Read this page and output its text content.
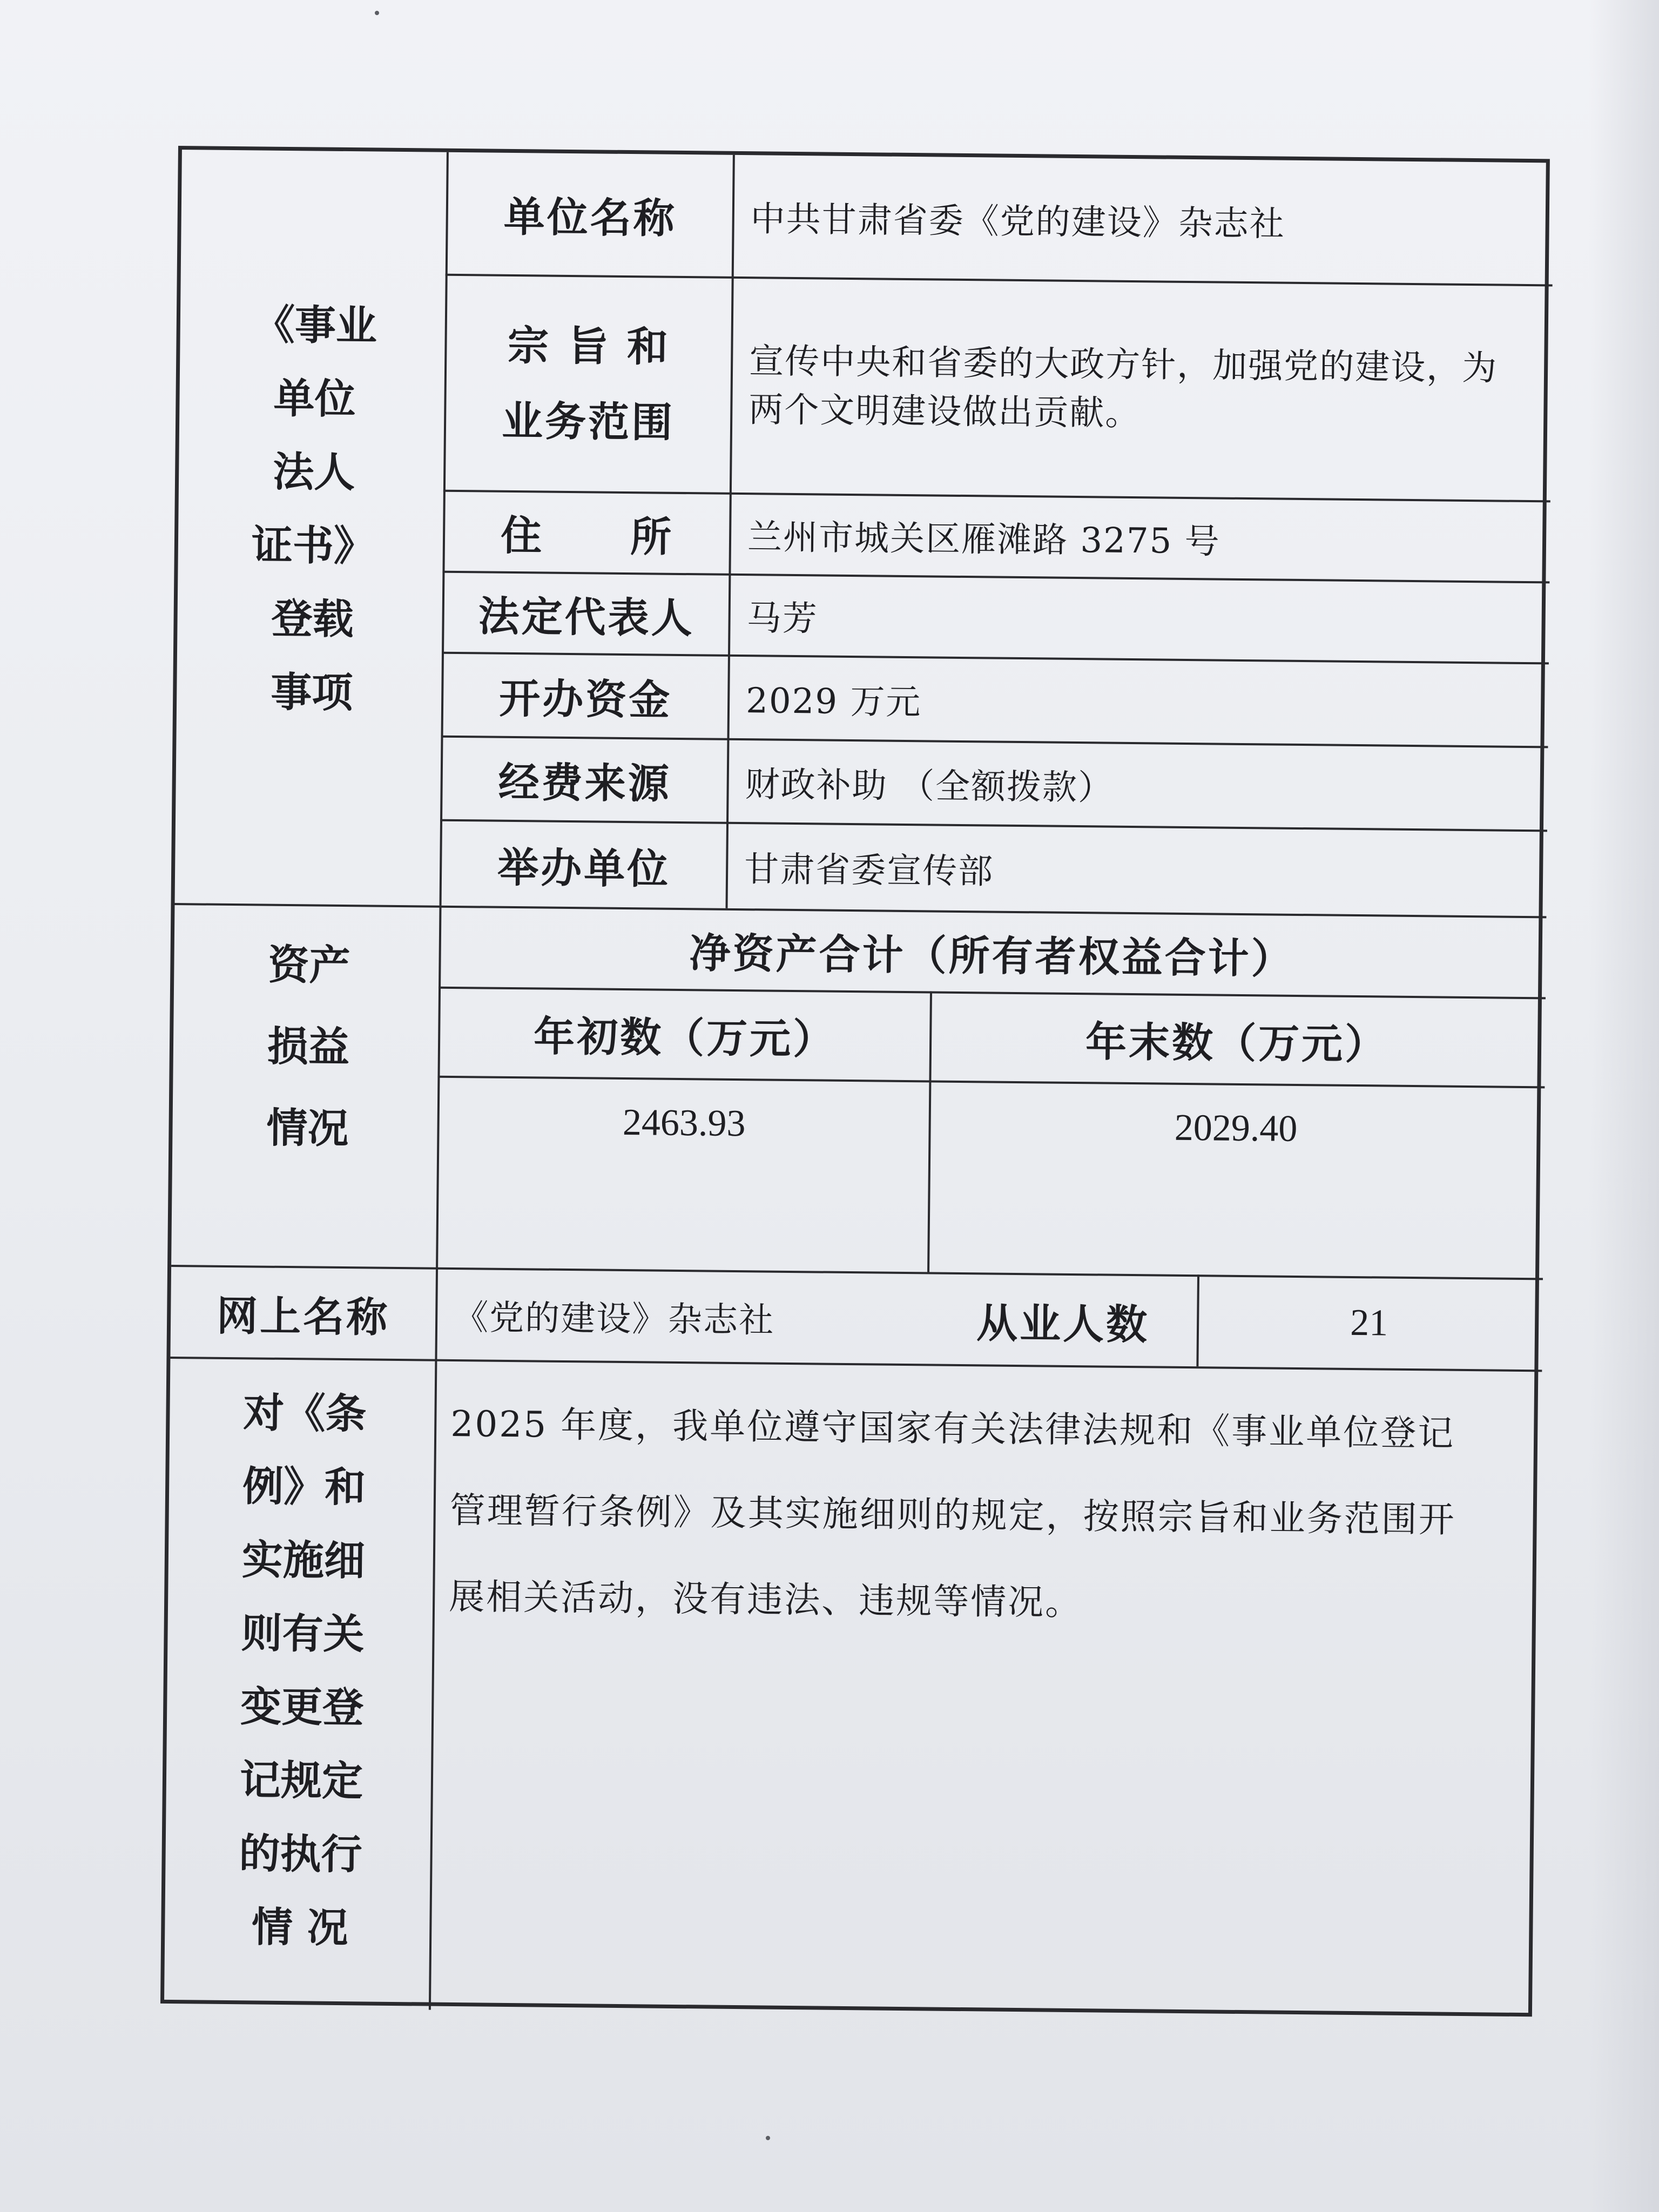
《事业
单位
法人
证书》
登载
事项
单位名称	中共甘肃省委《党的建设》杂志社
宗 旨 和
业务范围
宣传中央和省委的大政方针，加强党的建设，为两个文明建设做出贡献。
住　　所	兰州市城关区雁滩路 3275 号
法定代表人	马芳
开办资金	2029 万元
经费来源	财政补助 （全额拨款）
举办单位	甘肃省委宣传部
资产
损益
情况
净资产合计（所有者权益合计）
年初数（万元）	年末数（万元）
2463.93	2029.40
网上名称	《党的建设》杂志社	从业人数	21
对《条
例》和
实施细
则有关
变更登
记规定
的执行
情 况
2025 年度，我单位遵守国家有关法律法规和《事业单位登记
管理暂行条例》及其实施细则的规定，按照宗旨和业务范围开
展相关活动，没有违法、违规等情况。
